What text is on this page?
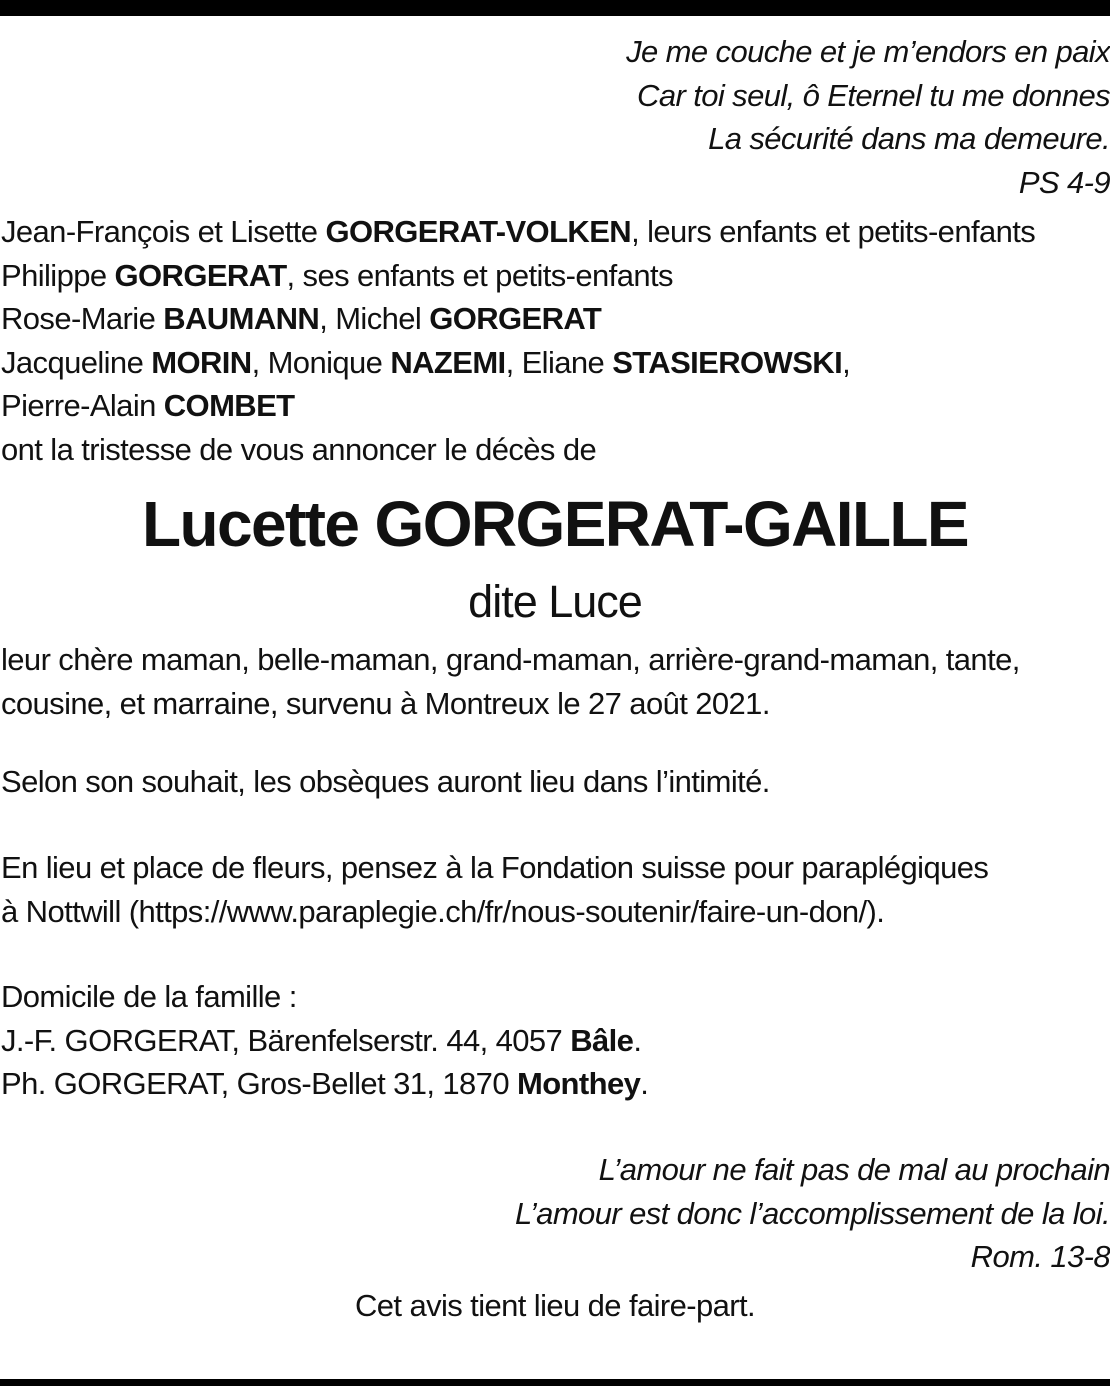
Je me couche et je m’endors en paix
Car toi seul, ô Eternel tu me donnes
La sécurité dans ma demeure.
PS 4-9
Jean-François et Lisette GORGERAT-VOLKEN, leurs enfants et petits-enfants
Philippe GORGERAT, ses enfants et petits-enfants
Rose-Marie BAUMANN, Michel GORGERAT
Jacqueline MORIN, Monique NAZEMI, Eliane STASIEROWSKI,
Pierre-Alain COMBET
ont la tristesse de vous annoncer le décès de
Lucette GORGERAT-GAILLE
dite Luce
leur chère maman, belle-maman, grand-maman, arrière-grand-maman, tante,
cousine, et marraine, survenu à Montreux le 27 août 2021.
Selon son souhait, les obsèques auront lieu dans l’intimité.
En lieu et place de fleurs, pensez à la Fondation suisse pour paraplégiques
à Nottwill (https://www.paraplegie.ch/fr/nous-soutenir/faire-un-don/).
Domicile de la famille :
J.-F. GORGERAT, Bärenfelserstr. 44, 4057 Bâle.
Ph. GORGERAT, Gros-Bellet 31, 1870 Monthey.
L’amour ne fait pas de mal au prochain
L’amour est donc l’accomplissement de la loi.
Rom. 13-8
Cet avis tient lieu de faire-part.
